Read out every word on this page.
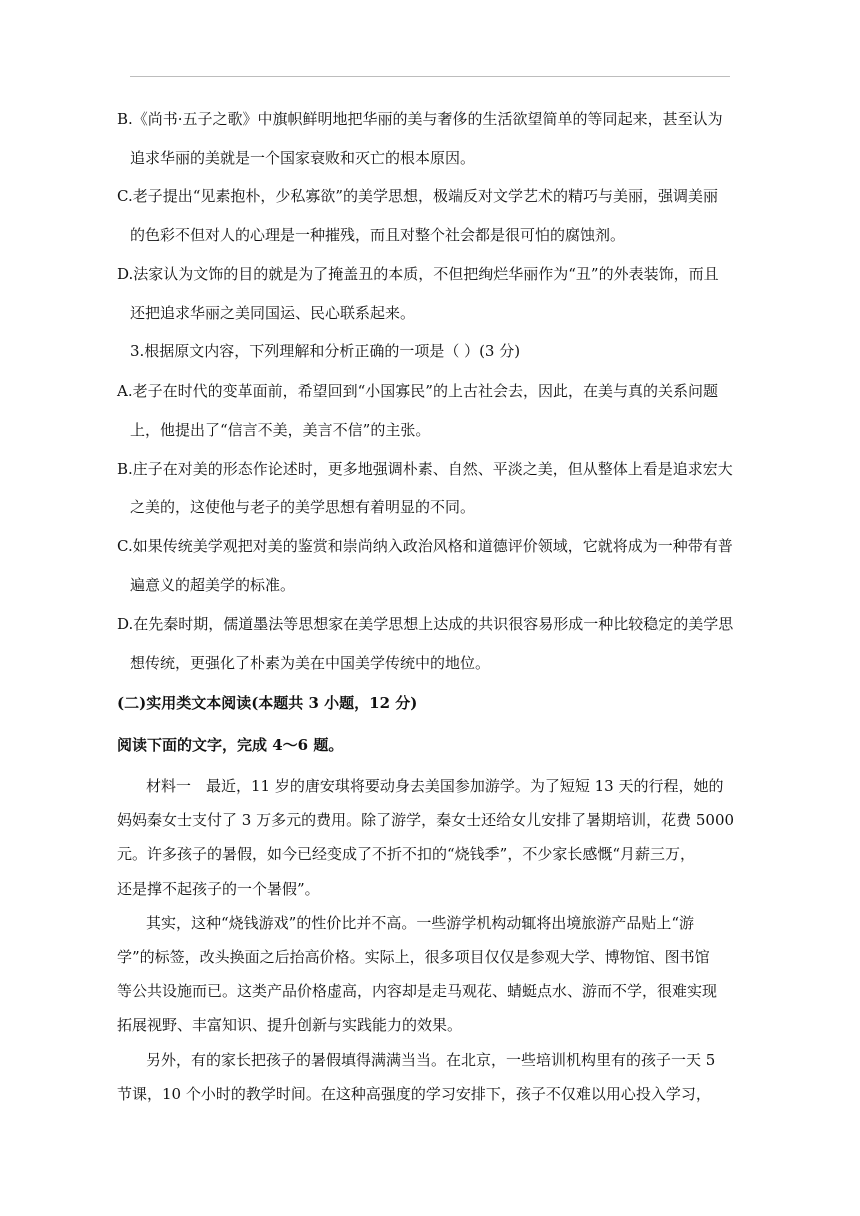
B.《尚书·五子之歌》中旗帜鲜明地把华丽的美与奢侈的生活欲望简单的等同起来，甚至认为
追求华丽的美就是一个国家衰败和灭亡的根本原因。
C.老子提出“见素抱朴，少私寡欲”的美学思想，极端反对文学艺术的精巧与美丽，强调美丽
的色彩不但对人的心理是一种摧残，而且对整个社会都是很可怕的腐蚀剂。
D.法家认为文饰的目的就是为了掩盖丑的本质，不但把绚烂华丽作为“丑”的外表装饰，而且
还把追求华丽之美同国运、民心联系起来。
3.根据原文内容，下列理解和分析正确的一项是（ ）(3 分)
A.老子在时代的变革面前，希望回到“小国寡民”的上古社会去，因此，在美与真的关系问题
上，他提出了“信言不美，美言不信”的主张。
B.庄子在对美的形态作论述时，更多地强调朴素、自然、平淡之美，但从整体上看是追求宏大
之美的，这使他与老子的美学思想有着明显的不同。
C.如果传统美学观把对美的鉴赏和崇尚纳入政治风格和道德评价领域，它就将成为一种带有普
遍意义的超美学的标准。
D.在先秦时期，儒道墨法等思想家在美学思想上达成的共识很容易形成一种比较稳定的美学思
想传统，更强化了朴素为美在中国美学传统中的地位。
(二)实用类文本阅读(本题共 3 小题，12 分)
阅读下面的文字，完成 4～6 题。
材料一　最近，11 岁的唐安琪将要动身去美国参加游学。为了短短 13 天的行程，她的
妈妈秦女士支付了 3 万多元的费用。除了游学，秦女士还给女儿安排了暑期培训，花费 5000
元。许多孩子的暑假，如今已经变成了不折不扣的“烧钱季”，不少家长感慨“月薪三万，
还是撑不起孩子的一个暑假”。
其实，这种“烧钱游戏”的性价比并不高。一些游学机构动辄将出境旅游产品贴上“游
学”的标签，改头换面之后抬高价格。实际上，很多项目仅仅是参观大学、博物馆、图书馆
等公共设施而已。这类产品价格虚高，内容却是走马观花、蜻蜓点水、游而不学，很难实现
拓展视野、丰富知识、提升创新与实践能力的效果。
另外，有的家长把孩子的暑假填得满满当当。在北京，一些培训机构里有的孩子一天 5
节课，10 个小时的教学时间。在这种高强度的学习安排下，孩子不仅难以用心投入学习，
